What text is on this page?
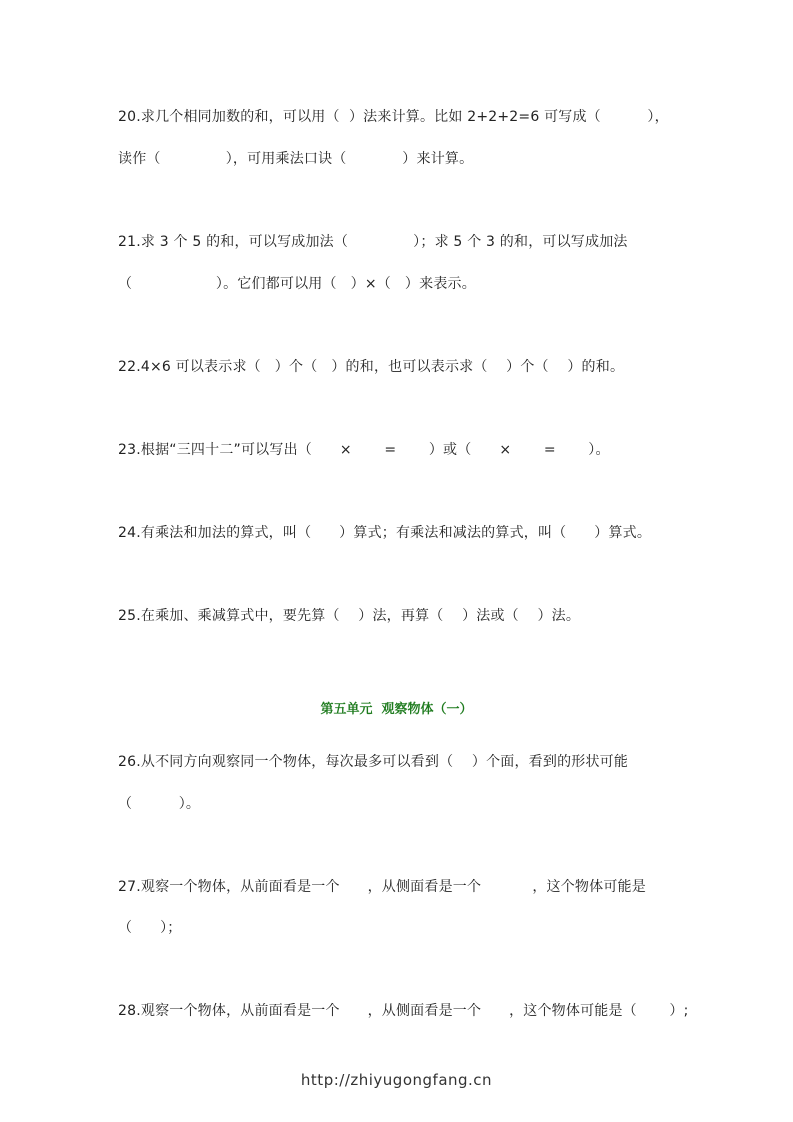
20.求几个相同加数的和，可以用（  ）法来计算。比如 2+2+2=6 可写成（          ），
读作（              ），可用乘法口诀（            ）来计算。
21.求 3 个 5 的和，可以写成加法（              ）；求 5 个 3 的和，可以写成加法
（                  ）。它们都可以用（   ）×（   ）来表示。
22.4×6 可以表示求（   ）个（   ）的和，也可以表示求（    ）个（    ）的和。
23.根据“三四十二”可以写出（      ×       =       ）或（      ×       =       ）。
24.有乘法和加法的算式，叫（      ）算式；有乘法和减法的算式，叫（      ）算式。
25.在乘加、乘减算式中，要先算（    ）法，再算（    ）法或（    ）法。
第五单元  观察物体（一）
26.从不同方向观察同一个物体，每次最多可以看到（    ）个面，看到的形状可能
（          ）。
27.观察一个物体，从前面看是一个      ，从侧面看是一个           ，这个物体可能是
（      ）；
28.观察一个物体，从前面看是一个      ，从侧面看是一个      ，这个物体可能是（       ）;
http://zhiyugongfang.cn
